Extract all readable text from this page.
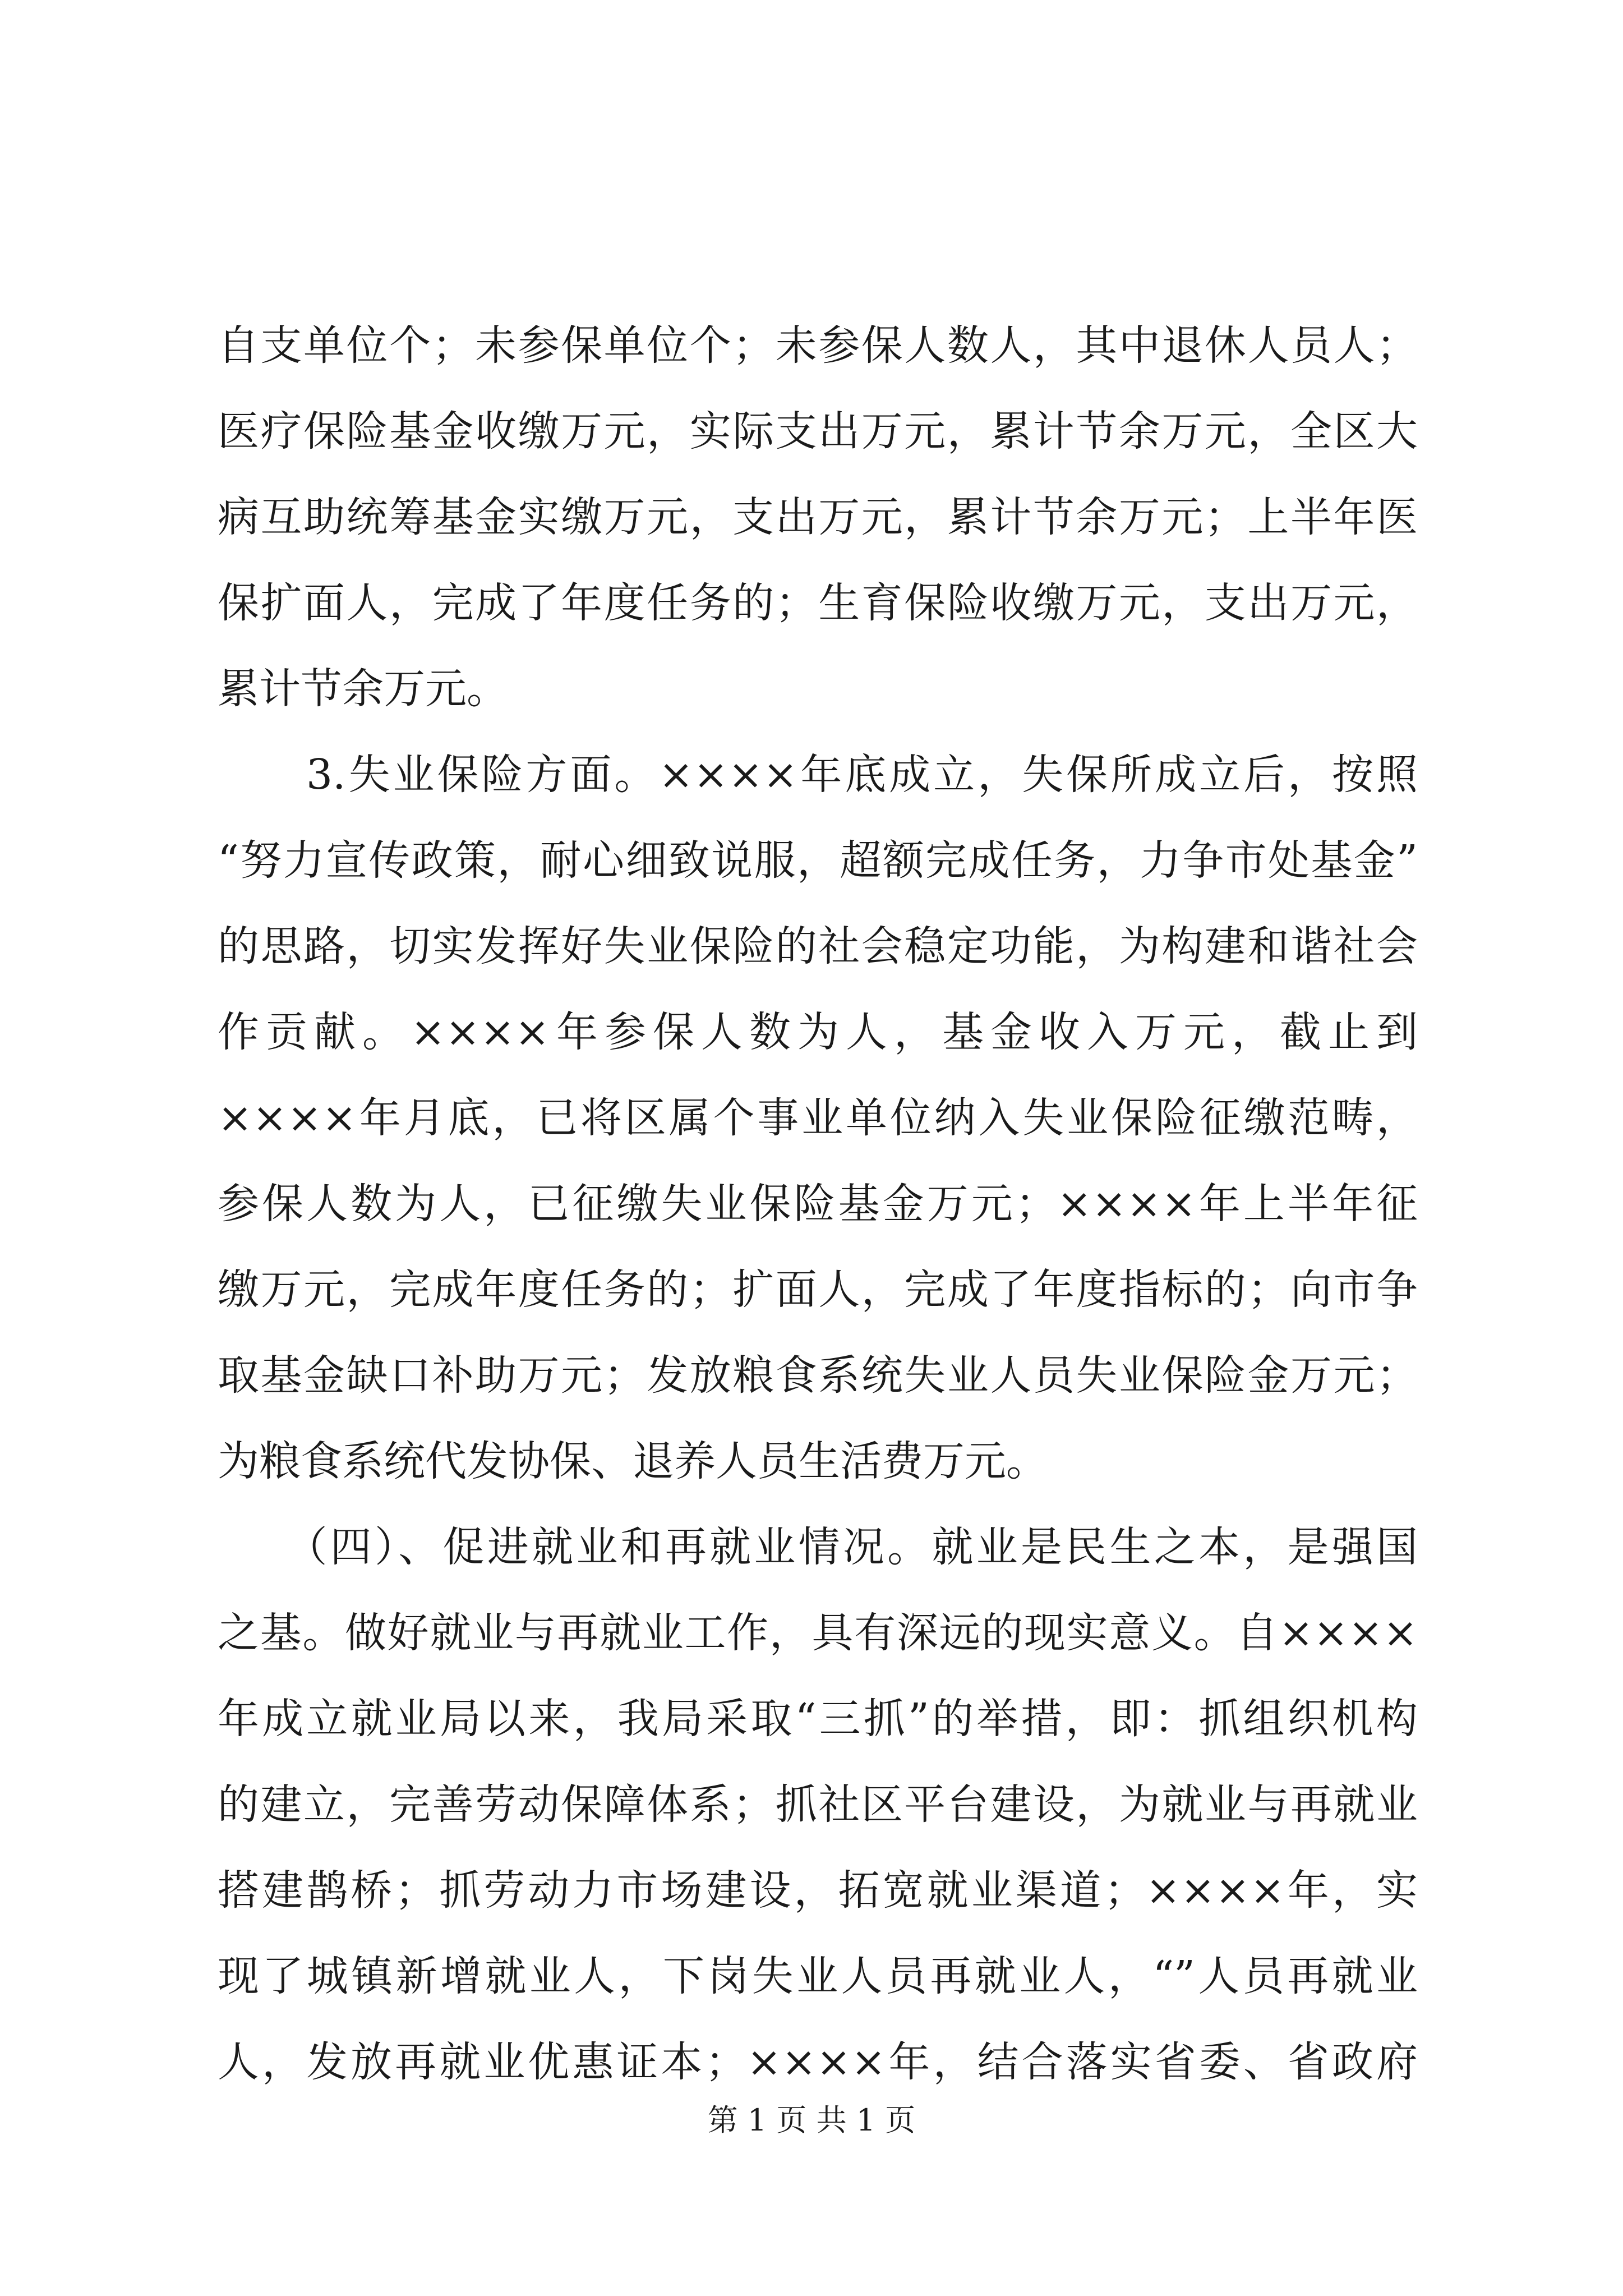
自支单位个；未参保单位个；未参保人数人，其中退休人员人；
医疗保险基金收缴万元，实际支出万元，累计节余万元，全区大
病互助统筹基金实缴万元，支出万元，累计节余万元；上半年医
保扩面人，完成了年度任务的；生育保险收缴万元，支出万元，
累计节余万元。
　　3.失业保险方面。××××年底成立，失保所成立后，按照
“努力宣传政策，耐心细致说服，超额完成任务，力争市处基金”
的思路，切实发挥好失业保险的社会稳定功能，为构建和谐社会
作贡献。××××年参保人数为人，基金收入万元，截止到
××××年月底，已将区属个事业单位纳入失业保险征缴范畴，
参保人数为人，已征缴失业保险基金万元；××××年上半年征
缴万元，完成年度任务的；扩面人，完成了年度指标的；向市争
取基金缺口补助万元；发放粮食系统失业人员失业保险金万元；
为粮食系统代发协保、退养人员生活费万元。
　　（四）、促进就业和再就业情况。就业是民生之本，是强国
之基。做好就业与再就业工作，具有深远的现实意义。自××××
年成立就业局以来，我局采取“三抓”的举措，即：抓组织机构
的建立，完善劳动保障体系；抓社区平台建设，为就业与再就业
搭建鹊桥；抓劳动力市场建设，拓宽就业渠道；××××年，实
现了城镇新增就业人，下岗失业人员再就业人，“”人员再就业
人，发放再就业优惠证本；××××年，结合落实省委、省政府
第 1 页 共 1 页
